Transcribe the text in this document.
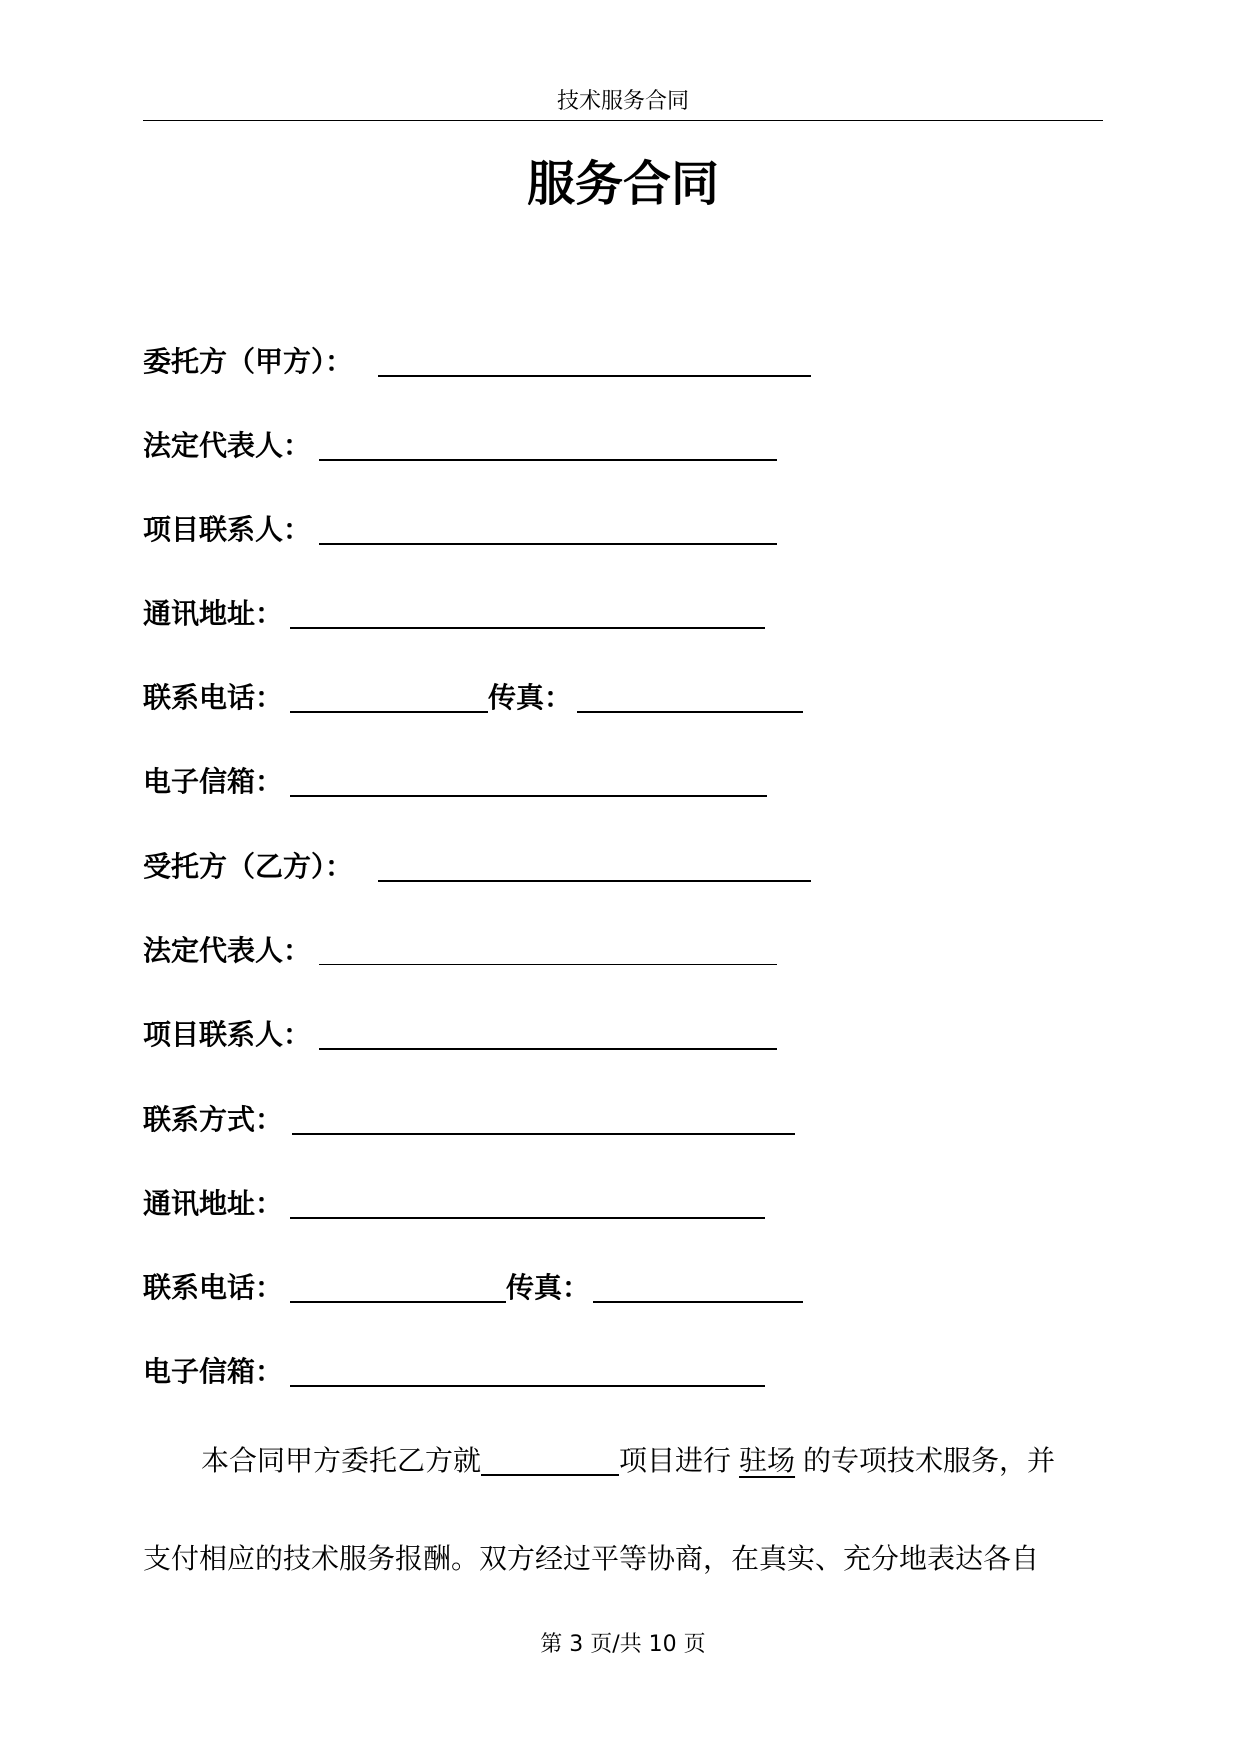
技术服务合同
服务合同
委托方（甲方）：
法定代表人：
项目联系人：
通讯地址：
联系电话：	传真：
电子信箱：
受托方（乙方）：
法定代表人：
项目联系人：
联系方式：
通讯地址：
联系电话：	传真：
电子信箱：
本合同甲方委托乙方就	项目进行 驻场 的专项技术服务，并
支付相应的技术服务报酬。双方经过平等协商，在真实、充分地表达各自
第 3 页/共 10 页
